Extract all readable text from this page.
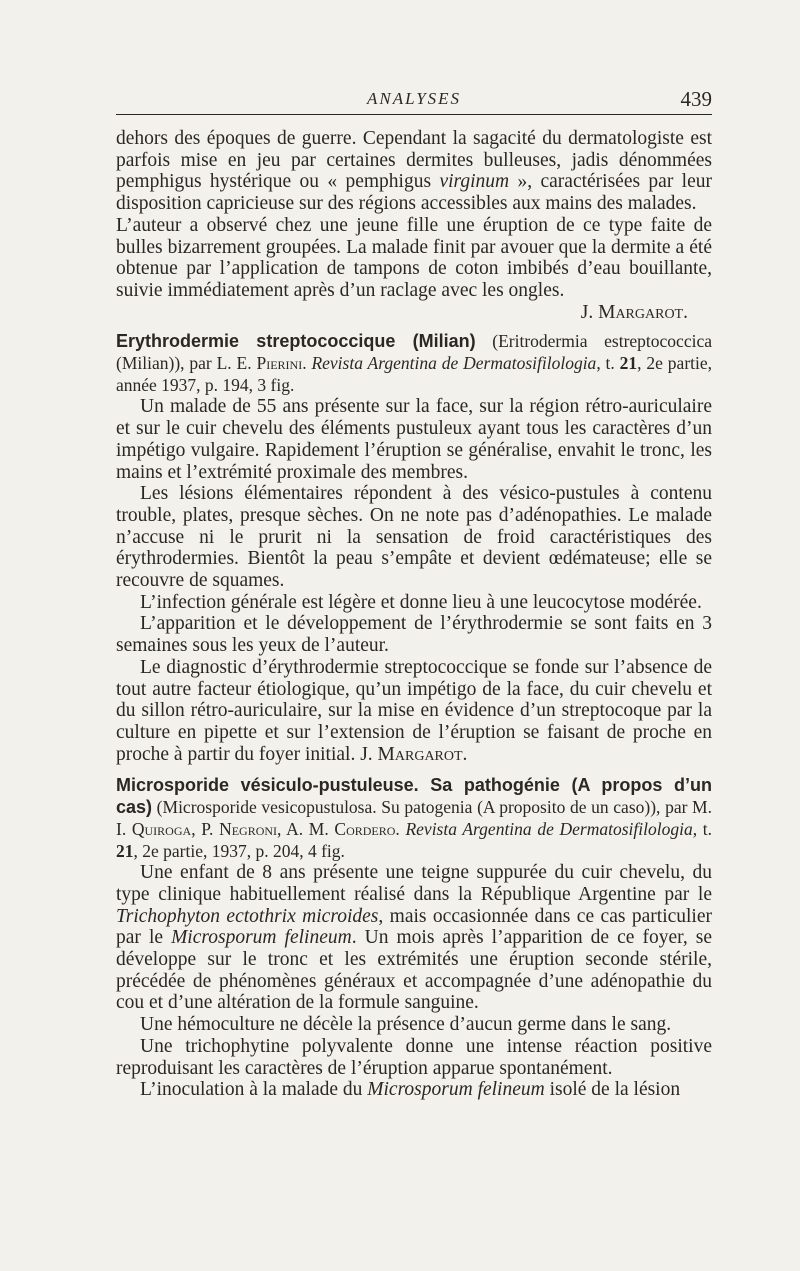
ANALYSES	439

dehors des époques de guerre. Cependant la sagacité du dermatologiste est parfois mise en jeu par certaines dermites bulleuses, jadis dénommées pemphigus hystérique ou « pemphigus virginum », caractérisées par leur disposition capricieuse sur des régions accessibles aux mains des malades.

L’auteur a observé chez une jeune fille une éruption de ce type faite de bulles bizarrement groupées. La malade finit par avouer que la dermite a été obtenue par l’application de tampons de coton imbibés d’eau bouillante, suivie immédiatement après d’un raclage avec les ongles.

J. Margarot.

Erythrodermie streptococcique (Milian) (Eritrodermia estreptococcica (Milian)), par L. E. Pierini. Revista Argentina de Dermatosifilologia, t. 21, 2e partie, année 1937, p. 194, 3 fig.

Un malade de 55 ans présente sur la face, sur la région rétro-auriculaire et sur le cuir chevelu des éléments pustuleux ayant tous les caractères d’un impétigo vulgaire. Rapidement l’éruption se généralise, envahit le tronc, les mains et l’extrémité proximale des membres.

Les lésions élémentaires répondent à des vésico-pustules à contenu trouble, plates, presque sèches. On ne note pas d’adénopathies. Le malade n’accuse ni le prurit ni la sensation de froid caractéristiques des érythrodermies. Bientôt la peau s’empâte et devient œdémateuse; elle se recouvre de squames.

L’infection générale est légère et donne lieu à une leucocytose modérée.

L’apparition et le développement de l’érythrodermie se sont faits en 3 semaines sous les yeux de l’auteur.

Le diagnostic d’érythrodermie streptococcique se fonde sur l’absence de tout autre facteur étiologique, qu’un impétigo de la face, du cuir chevelu et du sillon rétro-auriculaire, sur la mise en évidence d’un streptocoque par la culture en pipette et sur l’extension de l’éruption se faisant de proche en proche à partir du foyer initial. J. Margarot.

Microsporide vésiculo-pustuleuse. Sa pathogénie (A propos d’un cas) (Microsporide vesicopustulosa. Su patogenia (A proposito de un caso)), par M. I. Quiroga, P. Negroni, A. M. Cordero. Revista Argentina de Dermatosifilologia, t. 21, 2e partie, 1937, p. 204, 4 fig.

Une enfant de 8 ans présente une teigne suppurée du cuir chevelu, du type clinique habituellement réalisé dans la République Argentine par le Trichophyton ectothrix microides, mais occasionnée dans ce cas particulier par le Microsporum felineum. Un mois après l’apparition de ce foyer, se développe sur le tronc et les extrémités une éruption seconde stérile, précédée de phénomènes généraux et accompagnée d’une adénopathie du cou et d’une altération de la formule sanguine.

Une hémoculture ne décèle la présence d’aucun germe dans le sang.

Une trichophytine polyvalente donne une intense réaction positive reproduisant les caractères de l’éruption apparue spontanément.

L’inoculation à la malade du Microsporum felineum isolé de la lésion
